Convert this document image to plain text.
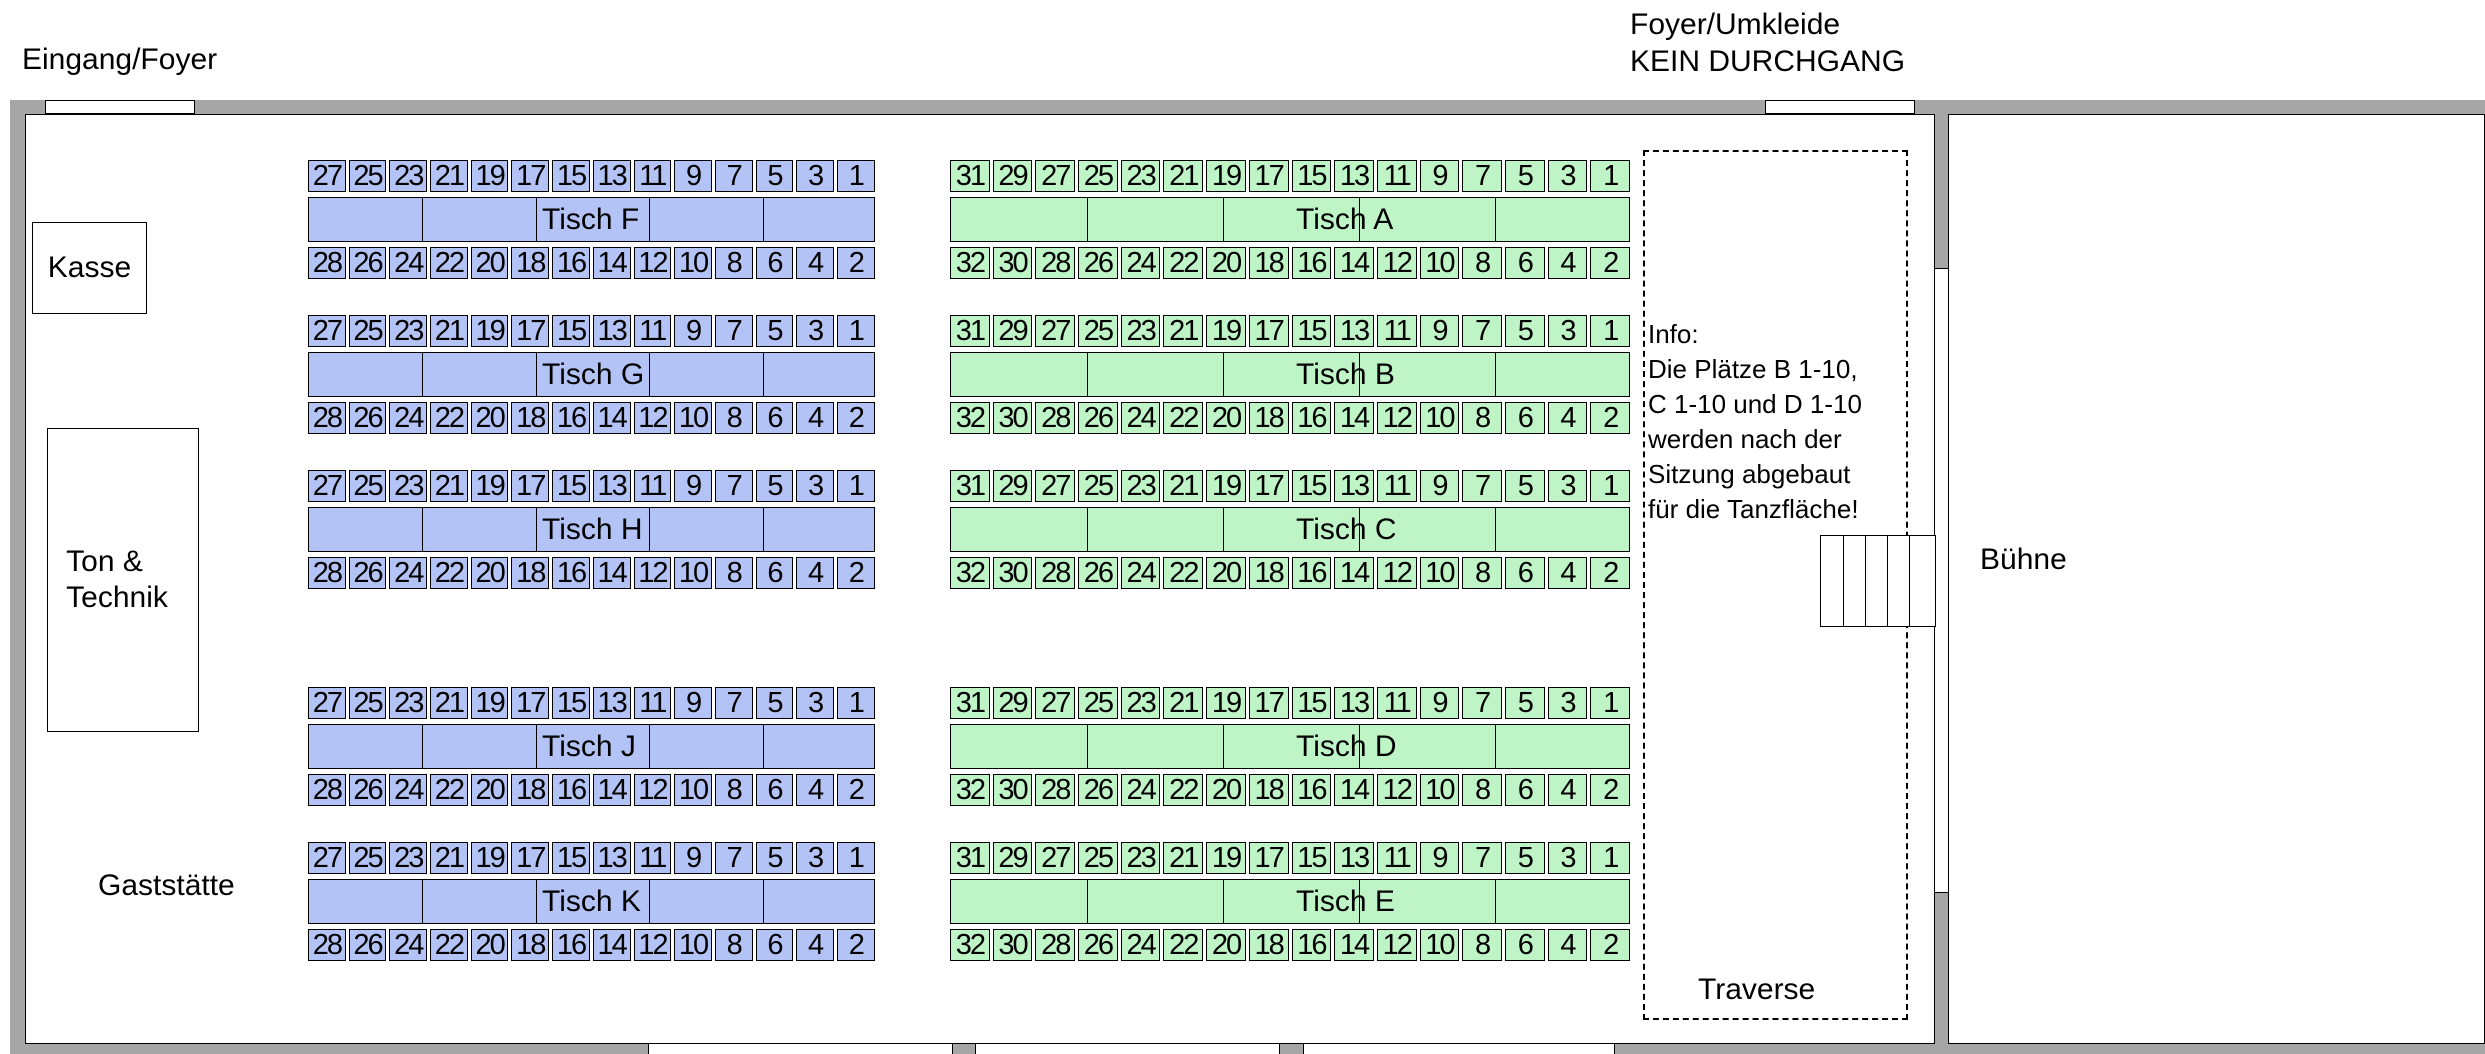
Eingang/Foyer
Foyer/Umkleide
KEIN DURCHGANG
Kasse
Ton &
Technik
Gaststätte
Traverse
Info:
Die Plätze B 1-10,
C 1-10 und D 1-10
werden nach der
Sitzung abgebaut
für die Tanzfläche!
Bühne
27 25 23 21 19 17 15 13 11 9 7 5 3 1
Tisch F
28 26 24 22 20 18 16 14 12 10 8 6 4 2
31 29 27 25 23 21 19 17 15 13 11 9 7 5 3 1
Tisch A
32 30 28 26 24 22 20 18 16 14 12 10 8 6 4 2
27 25 23 21 19 17 15 13 11 9 7 5 3 1
Tisch G
28 26 24 22 20 18 16 14 12 10 8 6 4 2
31 29 27 25 23 21 19 17 15 13 11 9 7 5 3 1
Tisch B
32 30 28 26 24 22 20 18 16 14 12 10 8 6 4 2
27 25 23 21 19 17 15 13 11 9 7 5 3 1
Tisch H
28 26 24 22 20 18 16 14 12 10 8 6 4 2
31 29 27 25 23 21 19 17 15 13 11 9 7 5 3 1
Tisch C
32 30 28 26 24 22 20 18 16 14 12 10 8 6 4 2
27 25 23 21 19 17 15 13 11 9 7 5 3 1
Tisch J
28 26 24 22 20 18 16 14 12 10 8 6 4 2
31 29 27 25 23 21 19 17 15 13 11 9 7 5 3 1
Tisch D
32 30 28 26 24 22 20 18 16 14 12 10 8 6 4 2
27 25 23 21 19 17 15 13 11 9 7 5 3 1
Tisch K
28 26 24 22 20 18 16 14 12 10 8 6 4 2
31 29 27 25 23 21 19 17 15 13 11 9 7 5 3 1
Tisch E
32 30 28 26 24 22 20 18 16 14 12 10 8 6 4 2
